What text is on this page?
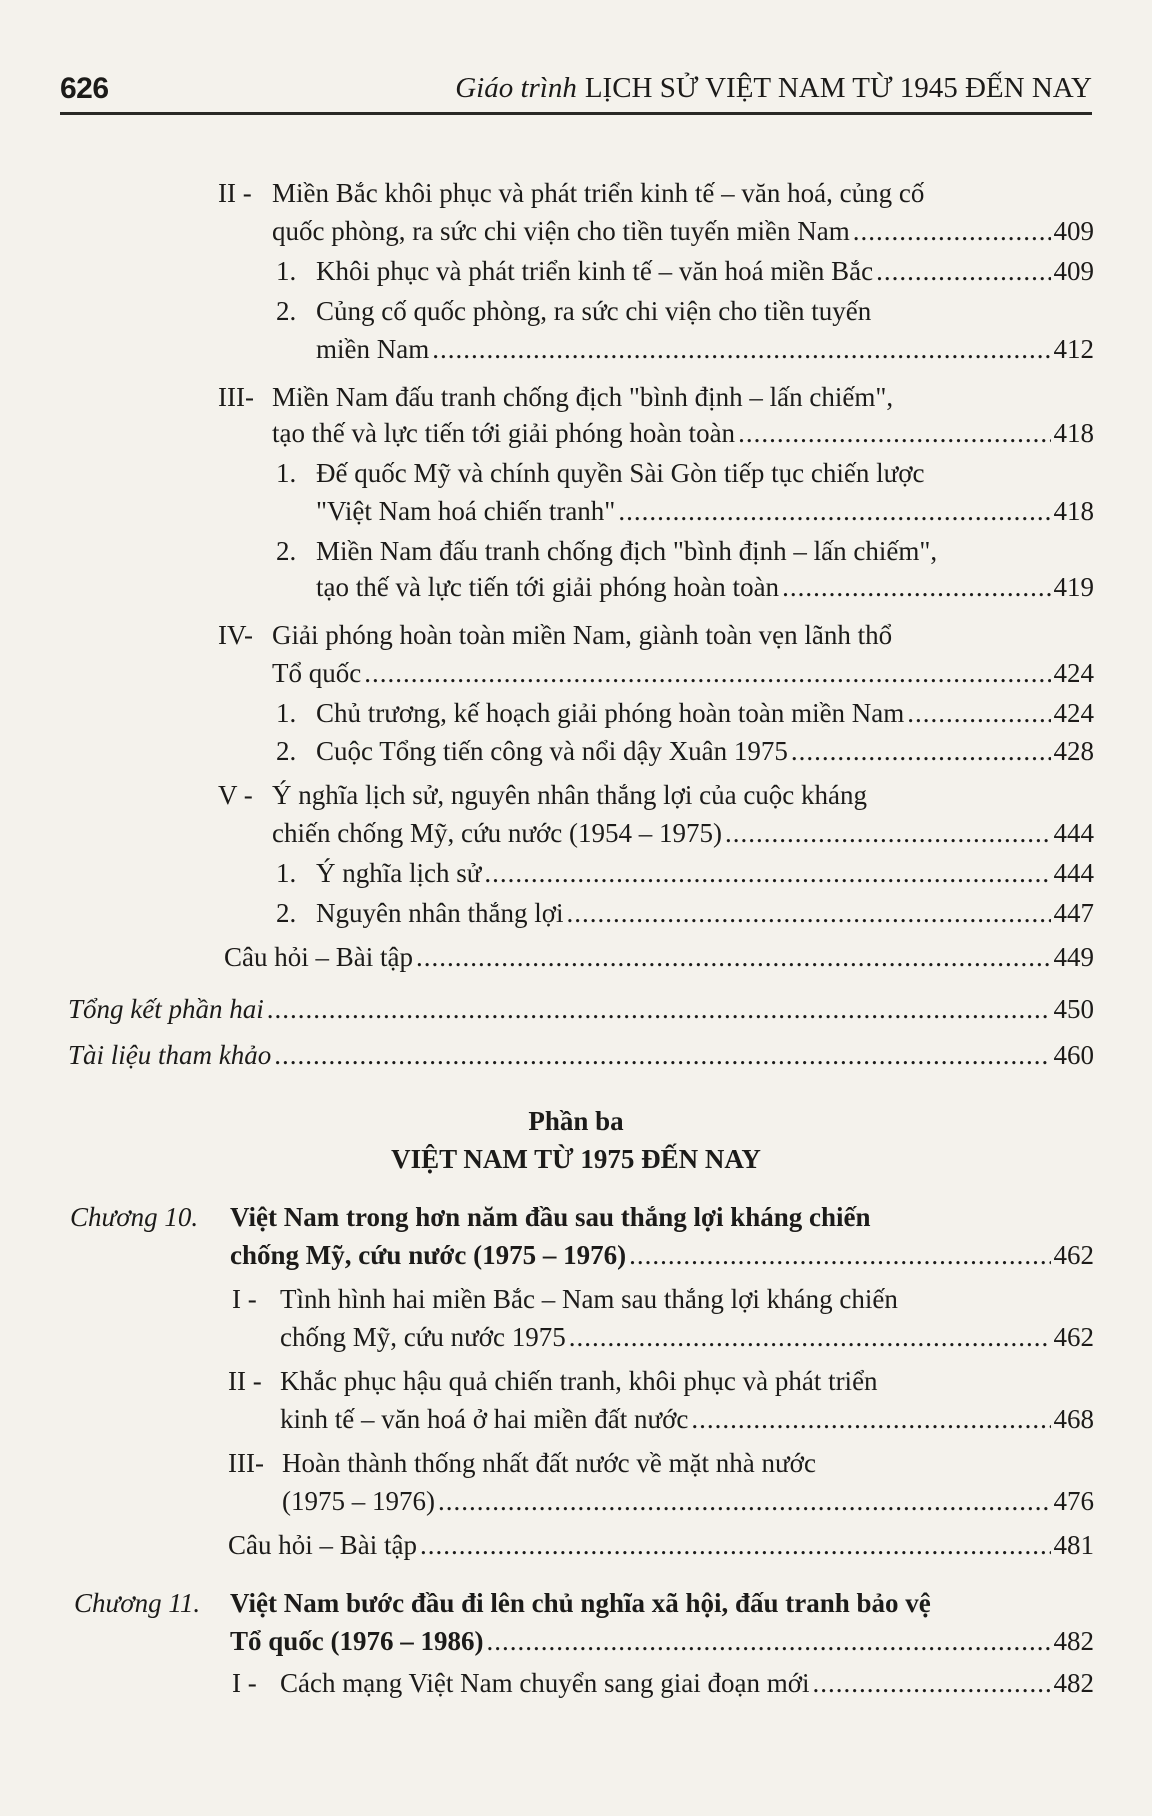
626	Giáo trình LỊCH SỬ VIỆT NAM TỪ 1945 ĐẾN NAY
II - Miền Bắc khôi phục và phát triển kinh tế – văn hoá, củng cố
quốc phòng, ra sức chi viện cho tiền tuyến miền Nam .....	409
1. Khôi phục và phát triển kinh tế – văn hoá miền Bắc .....	409
2. Củng cố quốc phòng, ra sức chi viện cho tiền tuyến
miền Nam .....	412
III- Miền Nam đấu tranh chống địch "bình định – lấn chiếm",
tạo thế và lực tiến tới giải phóng hoàn toàn .....	418
1. Đế quốc Mỹ và chính quyền Sài Gòn tiếp tục chiến lược
"Việt Nam hoá chiến tranh" .....	418
2. Miền Nam đấu tranh chống địch "bình định – lấn chiếm",
tạo thế và lực tiến tới giải phóng hoàn toàn .....	419
IV- Giải phóng hoàn toàn miền Nam, giành toàn vẹn lãnh thổ
Tổ quốc .....	424
1. Chủ trương, kế hoạch giải phóng hoàn toàn miền Nam .....	424
2. Cuộc Tổng tiến công và nổi dậy Xuân 1975 .....	428
V - Ý nghĩa lịch sử, nguyên nhân thắng lợi của cuộc kháng
chiến chống Mỹ, cứu nước (1954 – 1975) .....	444
1. Ý nghĩa lịch sử .....	444
2. Nguyên nhân thắng lợi .....	447
Câu hỏi – Bài tập .....	449
Tổng kết phần hai .....	450
Tài liệu tham khảo .....	460
Phần ba
VIỆT NAM TỪ 1975 ĐẾN NAY
Chương 10. Việt Nam trong hơn năm đầu sau thắng lợi kháng chiến
chống Mỹ, cứu nước (1975 – 1976) .....	462
I - Tình hình hai miền Bắc – Nam sau thắng lợi kháng chiến
chống Mỹ, cứu nước 1975 .....	462
II - Khắc phục hậu quả chiến tranh, khôi phục và phát triển
kinh tế – văn hoá ở hai miền đất nước .....	468
III- Hoàn thành thống nhất đất nước về mặt nhà nước
(1975 – 1976) .....	476
Câu hỏi – Bài tập .....	481
Chương 11. Việt Nam bước đầu đi lên chủ nghĩa xã hội, đấu tranh bảo vệ
Tổ quốc (1976 – 1986) .....	482
I - Cách mạng Việt Nam chuyển sang giai đoạn mới .....	482
